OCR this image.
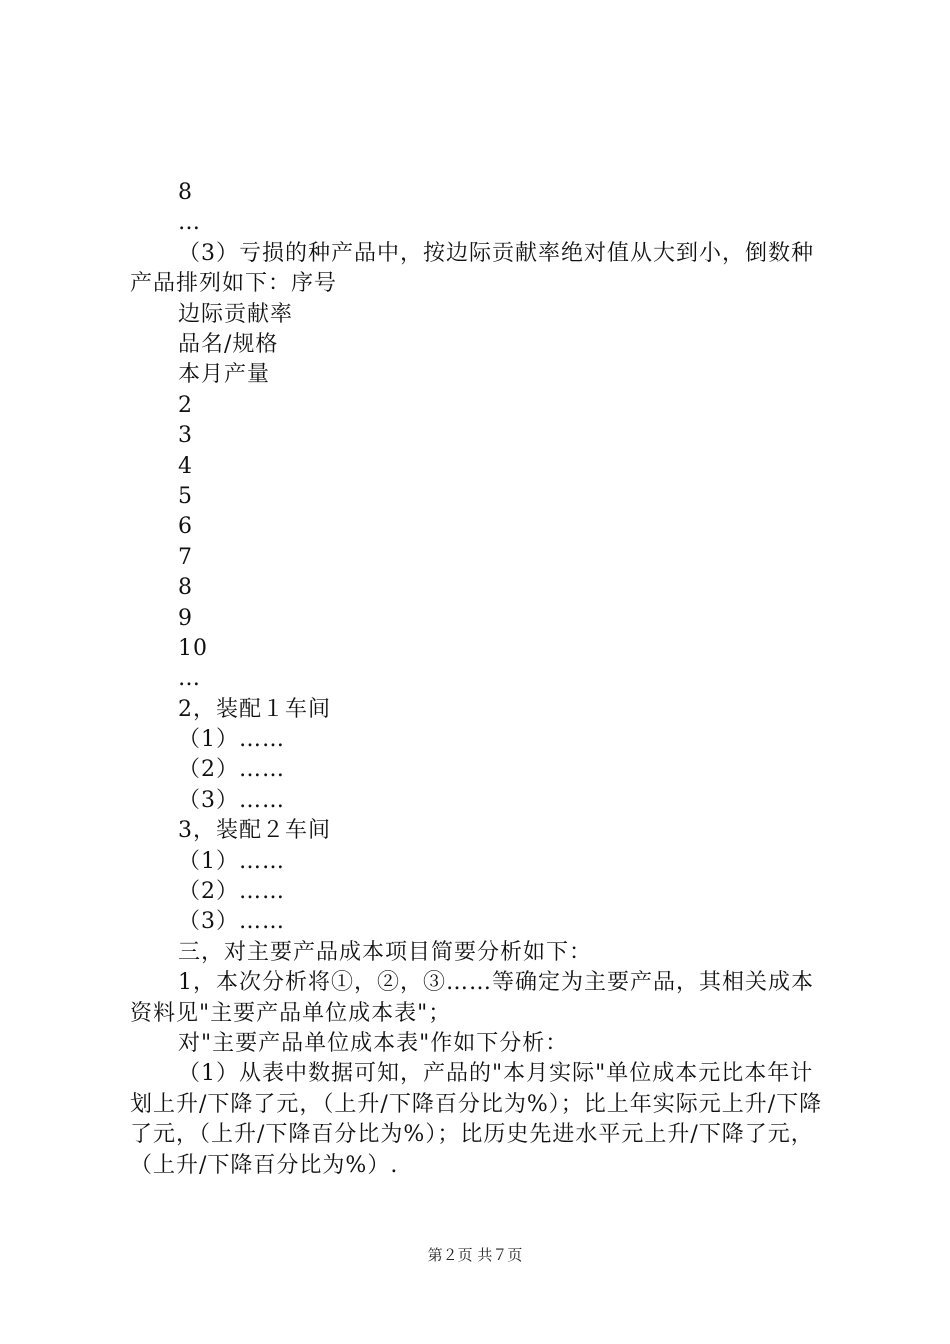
8
…
（3）亏损的种产品中，按边际贡献率绝对值从大到小，倒数种产品排列如下：序号
边际贡献率
品名/规格
本月产量
2
3
4
5
6
7
8
9
10
…
2，装配１车间
（1）……
（2）……
（3）……
3，装配２车间
（1）……
（2）……
（3）……
三，对主要产品成本项目简要分析如下：
1，本次分析将①，②，③……等确定为主要产品，其相关成本资料见"主要产品单位成本表"；
对"主要产品单位成本表"作如下分析：
（1）从表中数据可知，产品的"本月实际"单位成本元比本年计划上升/下降了元，（上升/下降百分比为%）；比上年实际元上升/下降了元，（上升/下降百分比为%）；比历史先进水平元上升/下降了元，（上升/下降百分比为%）.
第２页 共７页
